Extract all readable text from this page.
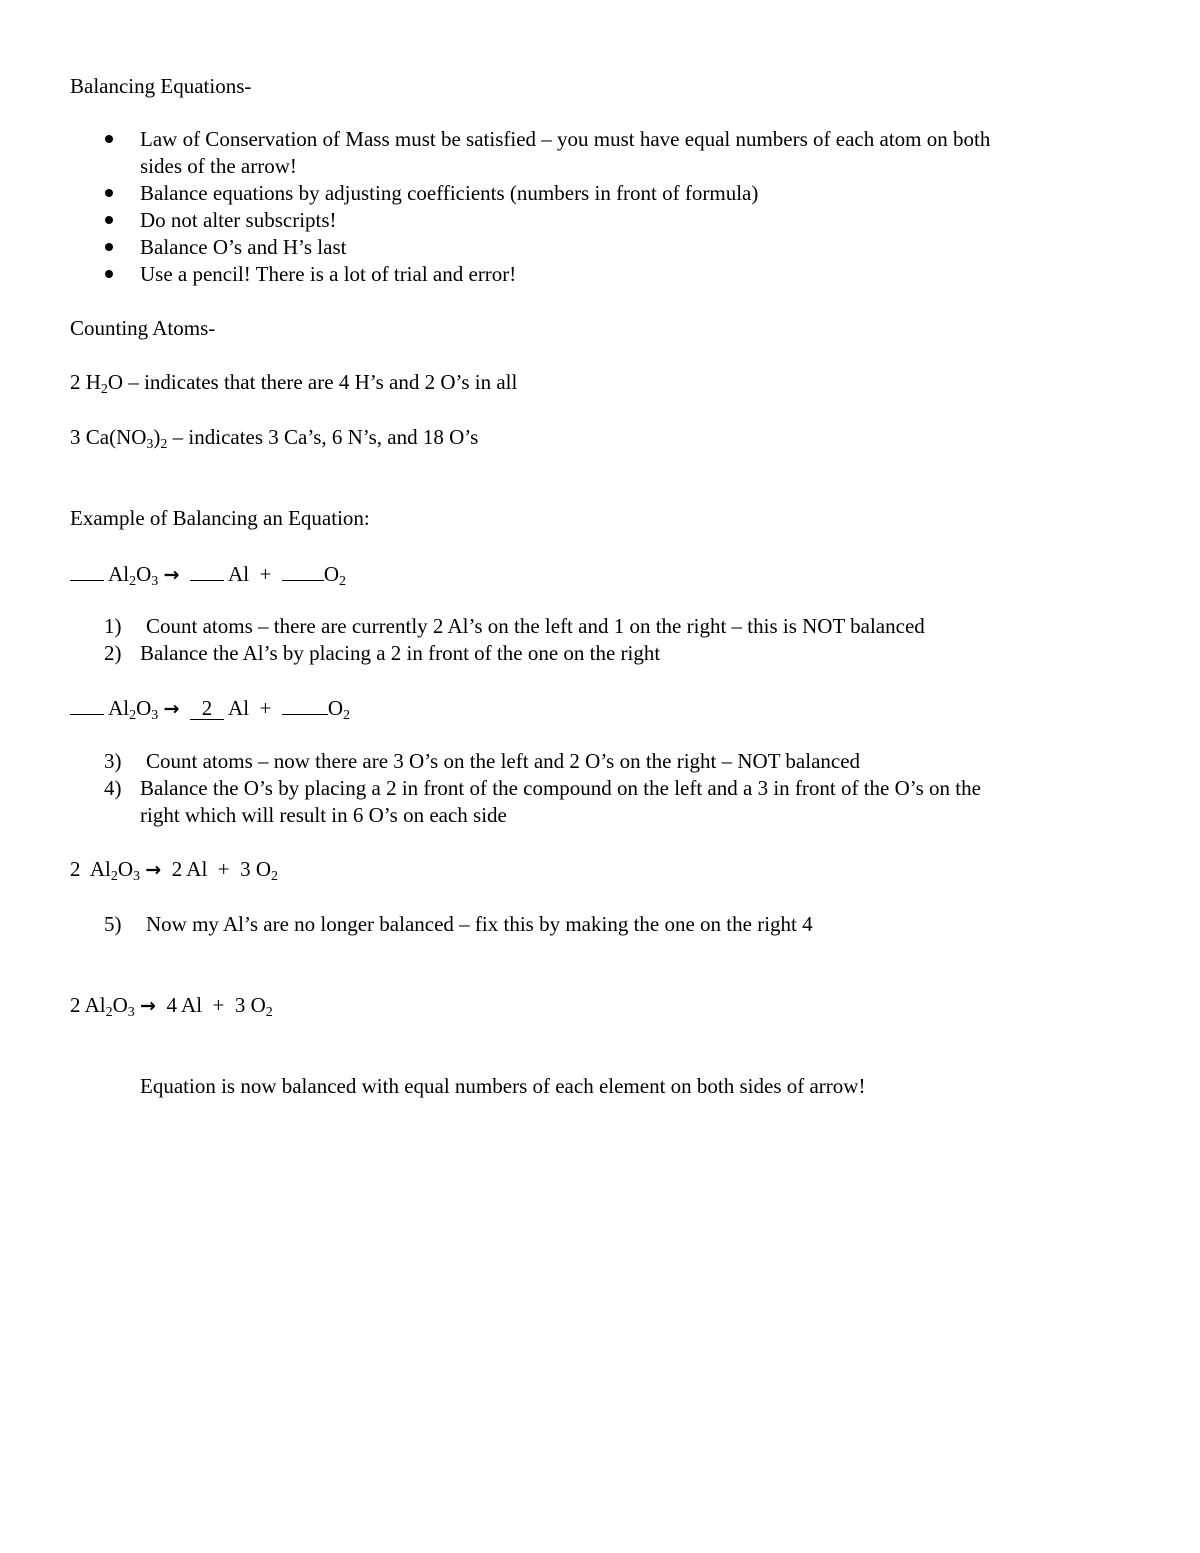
Balancing Equations-
Law of Conservation of Mass must be satisfied – you must have equal numbers of each atom on both
sides of the arrow!
Balance equations by adjusting coefficients (numbers in front of formula)
Do not alter subscripts!
Balance O’s and H’s last
Use a pencil! There is a lot of trial and error!
Counting Atoms-
2 $H_2O$ – indicates that there are 4 H’s and 2 O’s in all
3 $Ca(NO_3)_2$ – indicates 3 Ca’s, 6 N’s, and 18 O’s
Example of Balancing an Equation:
$Al_2O_3 \to Al$ +	$O_2$
1) Count atoms – there are currently 2 Al’s on the left and 1 on the right – this is NOT balanced
2) Balance the Al’s by placing a 2 in front of the one on the right
$Al_2O_3 \to 2$ Al +	$O_2$
3) Count atoms – now there are 3 O’s on the left and 2 O’s on the right – NOT balanced
4) Balance the O’s by placing a 2 in front of the compound on the left and a 3 in front of the O’s on the
right which will result in 6 O’s on each side
2 $Al_2O_3 \to 2$ Al + 3 $O_2$
5) Now my Al’s are no longer balanced – fix this by making the one on the right 4
2 $Al_2O_3 \to 4$ Al + 3 $O_2$
Equation is now balanced with equal numbers of each element on both sides of arrow!
